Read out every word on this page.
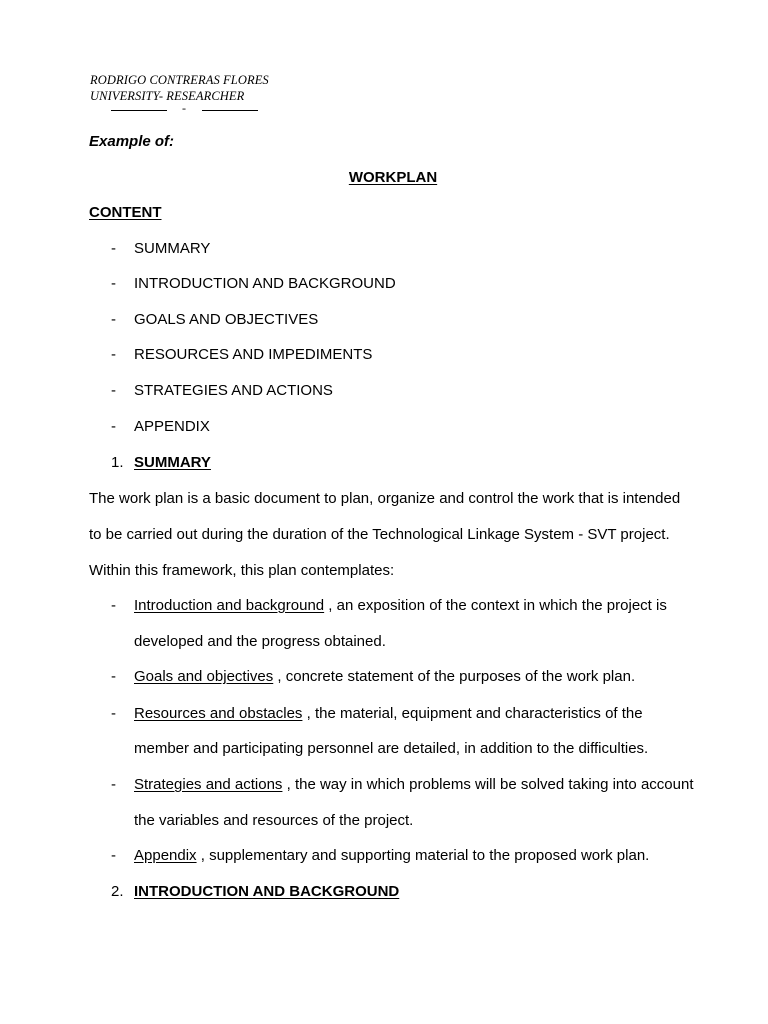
RODRIGO CONTRERAS FLORES
UNIVERSITY- RESEARCHER
-
Example of:
WORKPLAN
CONTENT
- SUMMARY
- INTRODUCTION AND BACKGROUND
- GOALS AND OBJECTIVES
- RESOURCES AND IMPEDIMENTS
- STRATEGIES AND ACTIONS
- APPENDIX
1. SUMMARY
The work plan is a basic document to plan, organize and control the work that is intended
to be carried out during the duration of the Technological Linkage System - SVT project.
Within this framework, this plan contemplates:
- Introduction and background , an exposition of the context in which the project is
developed and the progress obtained.
- Goals and objectives , concrete statement of the purposes of the work plan.
- Resources and obstacles , the material, equipment and characteristics of the
member and participating personnel are detailed, in addition to the difficulties.
- Strategies and actions , the way in which problems will be solved taking into account
the variables and resources of the project.
- Appendix , supplementary and supporting material to the proposed work plan.
2. INTRODUCTION AND BACKGROUND
